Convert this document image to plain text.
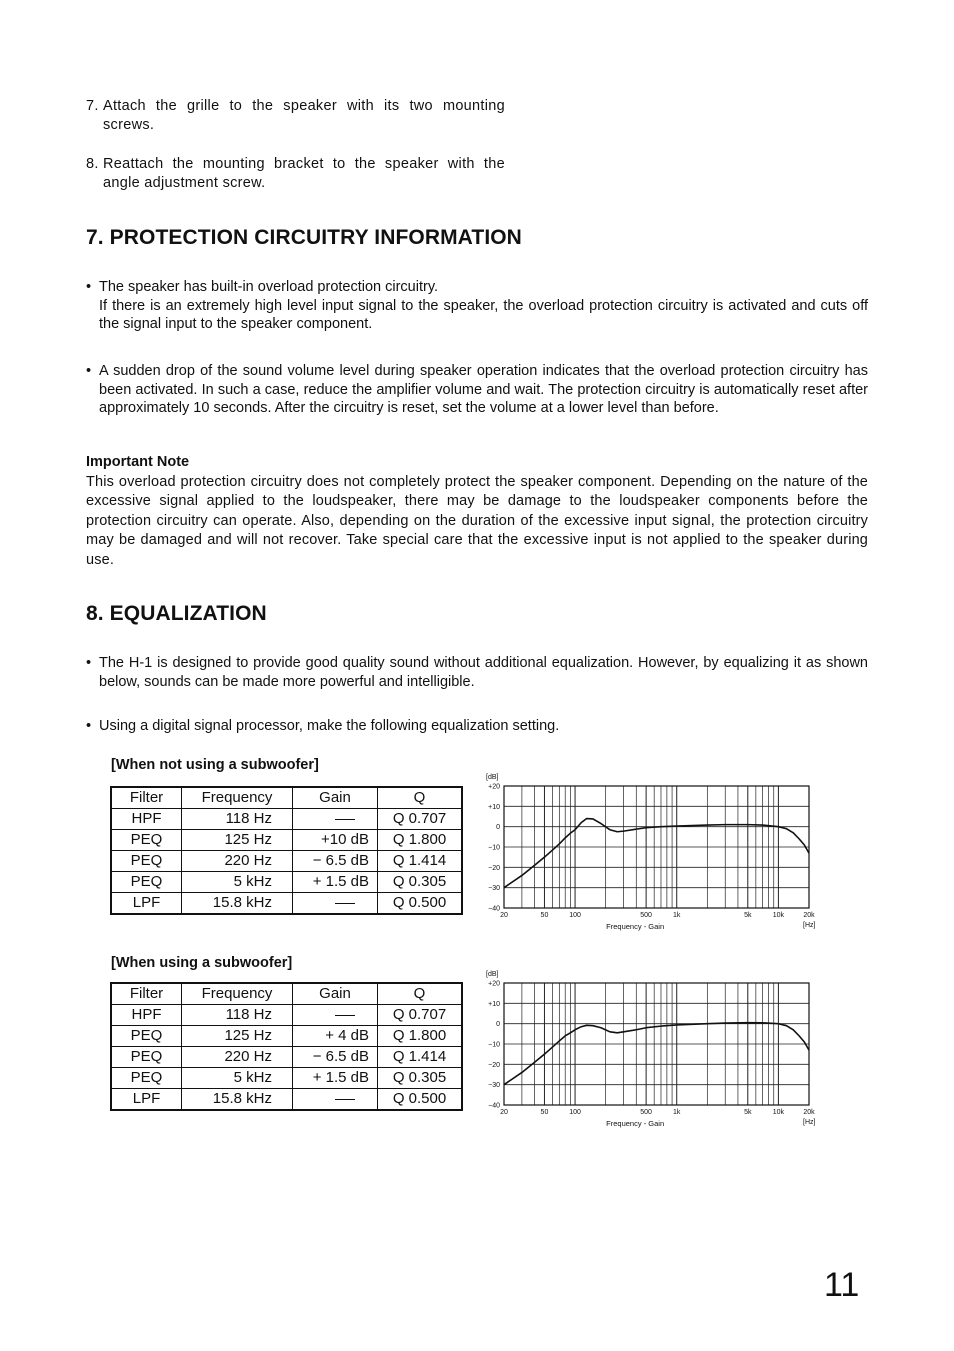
7. Attach the grille to the speaker with its two mounting screws.
8. Reattach the mounting bracket to the speaker with the angle adjustment screw.
7. PROTECTION CIRCUITRY INFORMATION
• The speaker has built-in overload protection circuitry.
If there is an extremely high level input signal to the speaker, the overload protection circuitry is activated and cuts off the signal input to the speaker component.
• A sudden drop of the sound volume level during speaker operation indicates that the overload protection circuitry has been activated. In such a case, reduce the amplifier volume and wait. The protection circuitry is automatically reset after approximately 10 seconds. After the circuitry is reset, set the volume at a lower level than before.
Important Note
This overload protection circuitry does not completely protect the speaker component. Depending on the nature of the excessive signal applied to the loudspeaker, there may be damage to the loudspeaker components before the protection circuitry can operate. Also, depending on the duration of the excessive input signal, the protection circuitry may be damaged and will not recover. Take special care that the excessive input is not applied to the speaker during use.
8. EQUALIZATION
• The H-1 is designed to provide good quality sound without additional equalization. However, by equalizing it as shown below, sounds can be made more powerful and intelligible.
• Using a digital signal processor, make the following equalization setting.
[When not using a subwoofer]
Filter	Frequency	Gain	Q
HPF	118 Hz		Q 0.707
PEQ	125 Hz	+10 dB	Q 1.800
PEQ	220 Hz	− 6.5 dB	Q 1.414
PEQ	5 kHz	+ 1.5 dB	Q 0.305
LPF	15.8 kHz		Q 0.500
+20
+10
0
−10
−20
−30
−40
20	50	100	500	1k	5k	10k	20k
[dB]
[Hz]
Frequency - Gain
[When using a subwoofer]
Filter	Frequency	Gain	Q
HPF	118 Hz		Q 0.707
PEQ	125 Hz	+ 4 dB	Q 1.800
PEQ	220 Hz	− 6.5 dB	Q 1.414
PEQ	5 kHz	+ 1.5 dB	Q 0.305
LPF	15.8 kHz		Q 0.500
+20
+10
0
−10
−20
−30
−40
20	50	100	500	1k	5k	10k	20k
[dB]
[Hz]
Frequency - Gain
11
